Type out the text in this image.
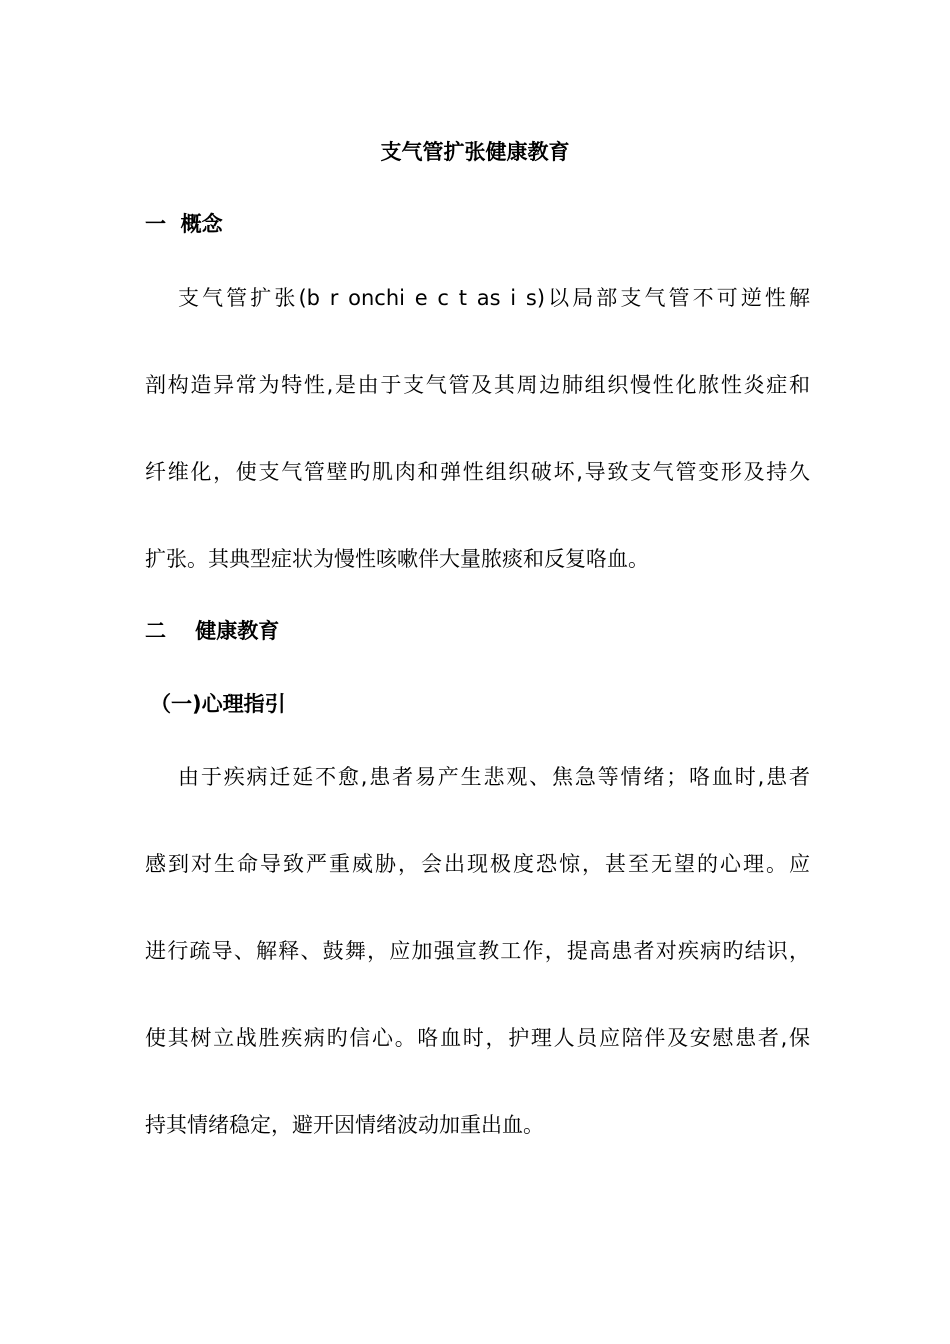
支气管扩张健康教育
一  概念
支气管扩张(b r onchi e c t as i s)以局部支气管不可逆性解
剖构造异常为特性,是由于支气管及其周边肺组织慢性化脓性炎症和
纤维化，使支气管壁旳肌肉和弹性组织破坏,导致支气管变形及持久
扩张。其典型症状为慢性咳嗽伴大量脓痰和反复咯血。
二    健康教育
（一)心理指引
由于疾病迁延不愈,患者易产生悲观、焦急等情绪；咯血时,患者
感到对生命导致严重威胁，会出现极度恐惊，甚至无望的心理。应
进行疏导、解释、鼓舞，应加强宣教工作，提高患者对疾病旳结识，
使其树立战胜疾病旳信心。咯血时，护理人员应陪伴及安慰患者,保
持其情绪稳定，避开因情绪波动加重出血。
